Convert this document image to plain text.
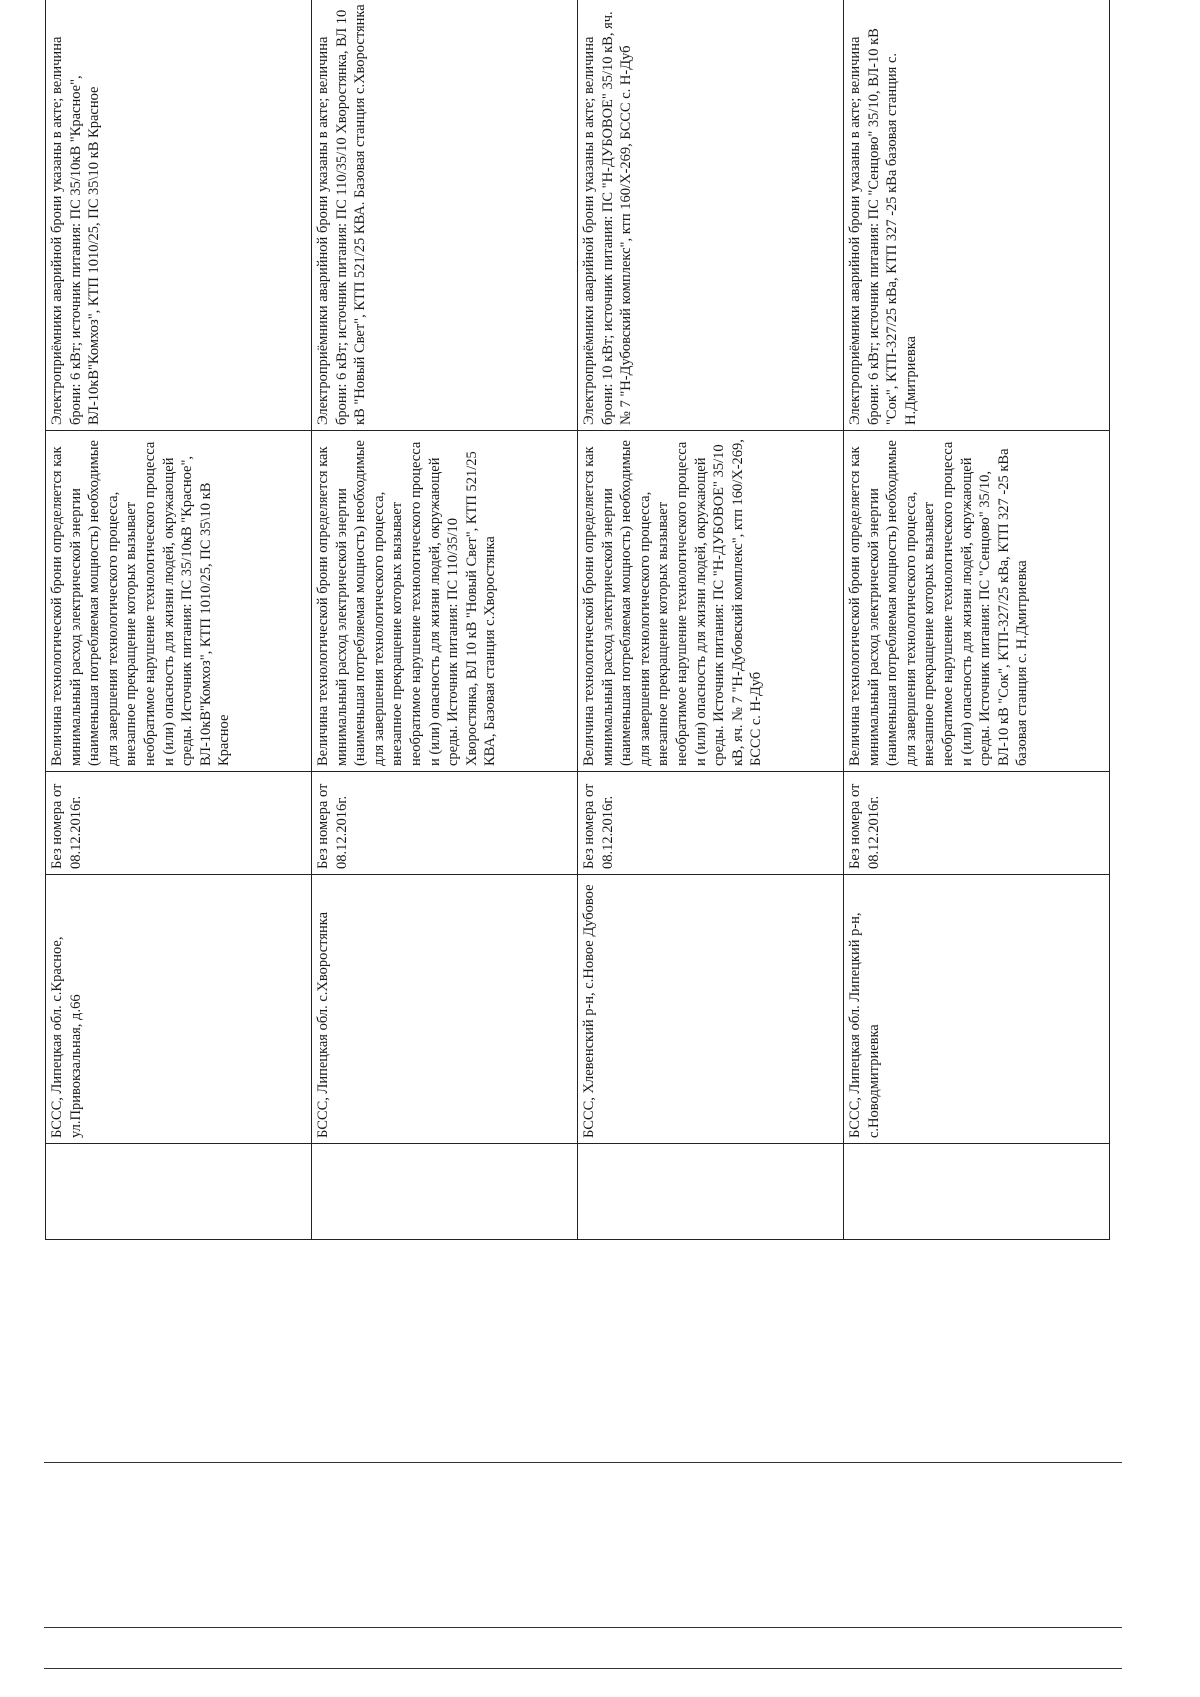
	БССС, Липецкая обл. с.Красное, ул.Привокзальная, д.66	Без номера от 08.12.2016г.	Величина технологической брони определяется как минимальный расход электрической энергии (наименьшая потребляемая мощность) необходимые для завершения технологического процесса, внезапное прекращение которых вызывает необратимое нарушение технологического процесса и (или) опасность для жизни людей, окружающей среды. Источник питания: ПС 35/10кВ "Красное", ВЛ-10кВ"Комхоз", КТП 1010/25, ПС 35\10 кВ Красное	Электроприёмники аварийной брони указаны в акте; величина брони: 6 кВт; источник питания: ПС 35/10кВ "Красное", ВЛ-10кВ"Комхоз", КТП 1010/25, ПС 35\10 кВ Красное
	БССС, Липецкая обл. с.Хворостянка	Без номера от 08.12.2016г.	Величина технологической брони определяется как минимальный расход электрической энергии (наименьшая потребляемая мощность) необходимые для завершения технологического процесса, внезапное прекращение которых вызывает необратимое нарушение технологического процесса и (или) опасность для жизни людей, окружающей среды. Источник питания: ПС 110/35/10 Хворостянка, ВЛ 10 кВ "Новый Свет", КТП 521/25 КВА, Базовая станция с.Хворостянка	Электроприёмники аварийной брони указаны в акте; величина брони: 6 кВт; источник питания: ПС 110/35/10 Хворостянка, ВЛ 10 кВ "Новый Свет", КТП 521/25 КВА. Базовая станция с.Хворостянка
	БССС, Хлевенский р-н, с.Новое Дубовое	Без номера от 08.12.2016г.	Величина технологической брони определяется как минимальный расход электрической энергии (наименьшая потребляемая мощность) необходимые для завершения технологического процесса, внезапное прекращение которых вызывает необратимое нарушение технологического процесса и (или) опасность для жизни людей, окружающей среды. Источник питания: ПС "Н-ДУБОВОЕ" 35/10 кВ, яч. № 7 "Н-Дубовский комплекс", ктп 160/Х-269, БССС с. Н-Дуб	Электроприёмники аварийной брони указаны в акте; величина брони: 10 кВт; источник питания: ПС "Н-ДУБОВОЕ" 35/10 кВ, яч. № 7 "Н-Дубовский комплекс", ктп 160/Х-269, БССС с. Н-Дуб
	БССС, Липецкая обл. Липецкий р-н, с.Новодмитриевка	Без номера от 08.12.2016г.	Величина технологической брони определяется как минимальный расход электрической энергии (наименьшая потребляемая мощность) необходимые для завершения технологического процесса, внезапное прекращение которых вызывает необратимое нарушение технологического процесса и (или) опасность для жизни людей, окружающей среды. Источник питания: ПС "Сенцово" 35/10, ВЛ-10 кВ "Сок", КТП-327/25 кВа, КТП 327 -25 кВа базовая станция с. Н.Дмитриевка	Электроприёмники аварийной брони указаны в акте; величина брони: 6 кВт; источник питания: ПС "Сенцово" 35/10, ВЛ-10 кВ "Сок", КТП-327/25 кВа, КТП 327 -25 кВа базовая станция с. Н.Дмитриевка
